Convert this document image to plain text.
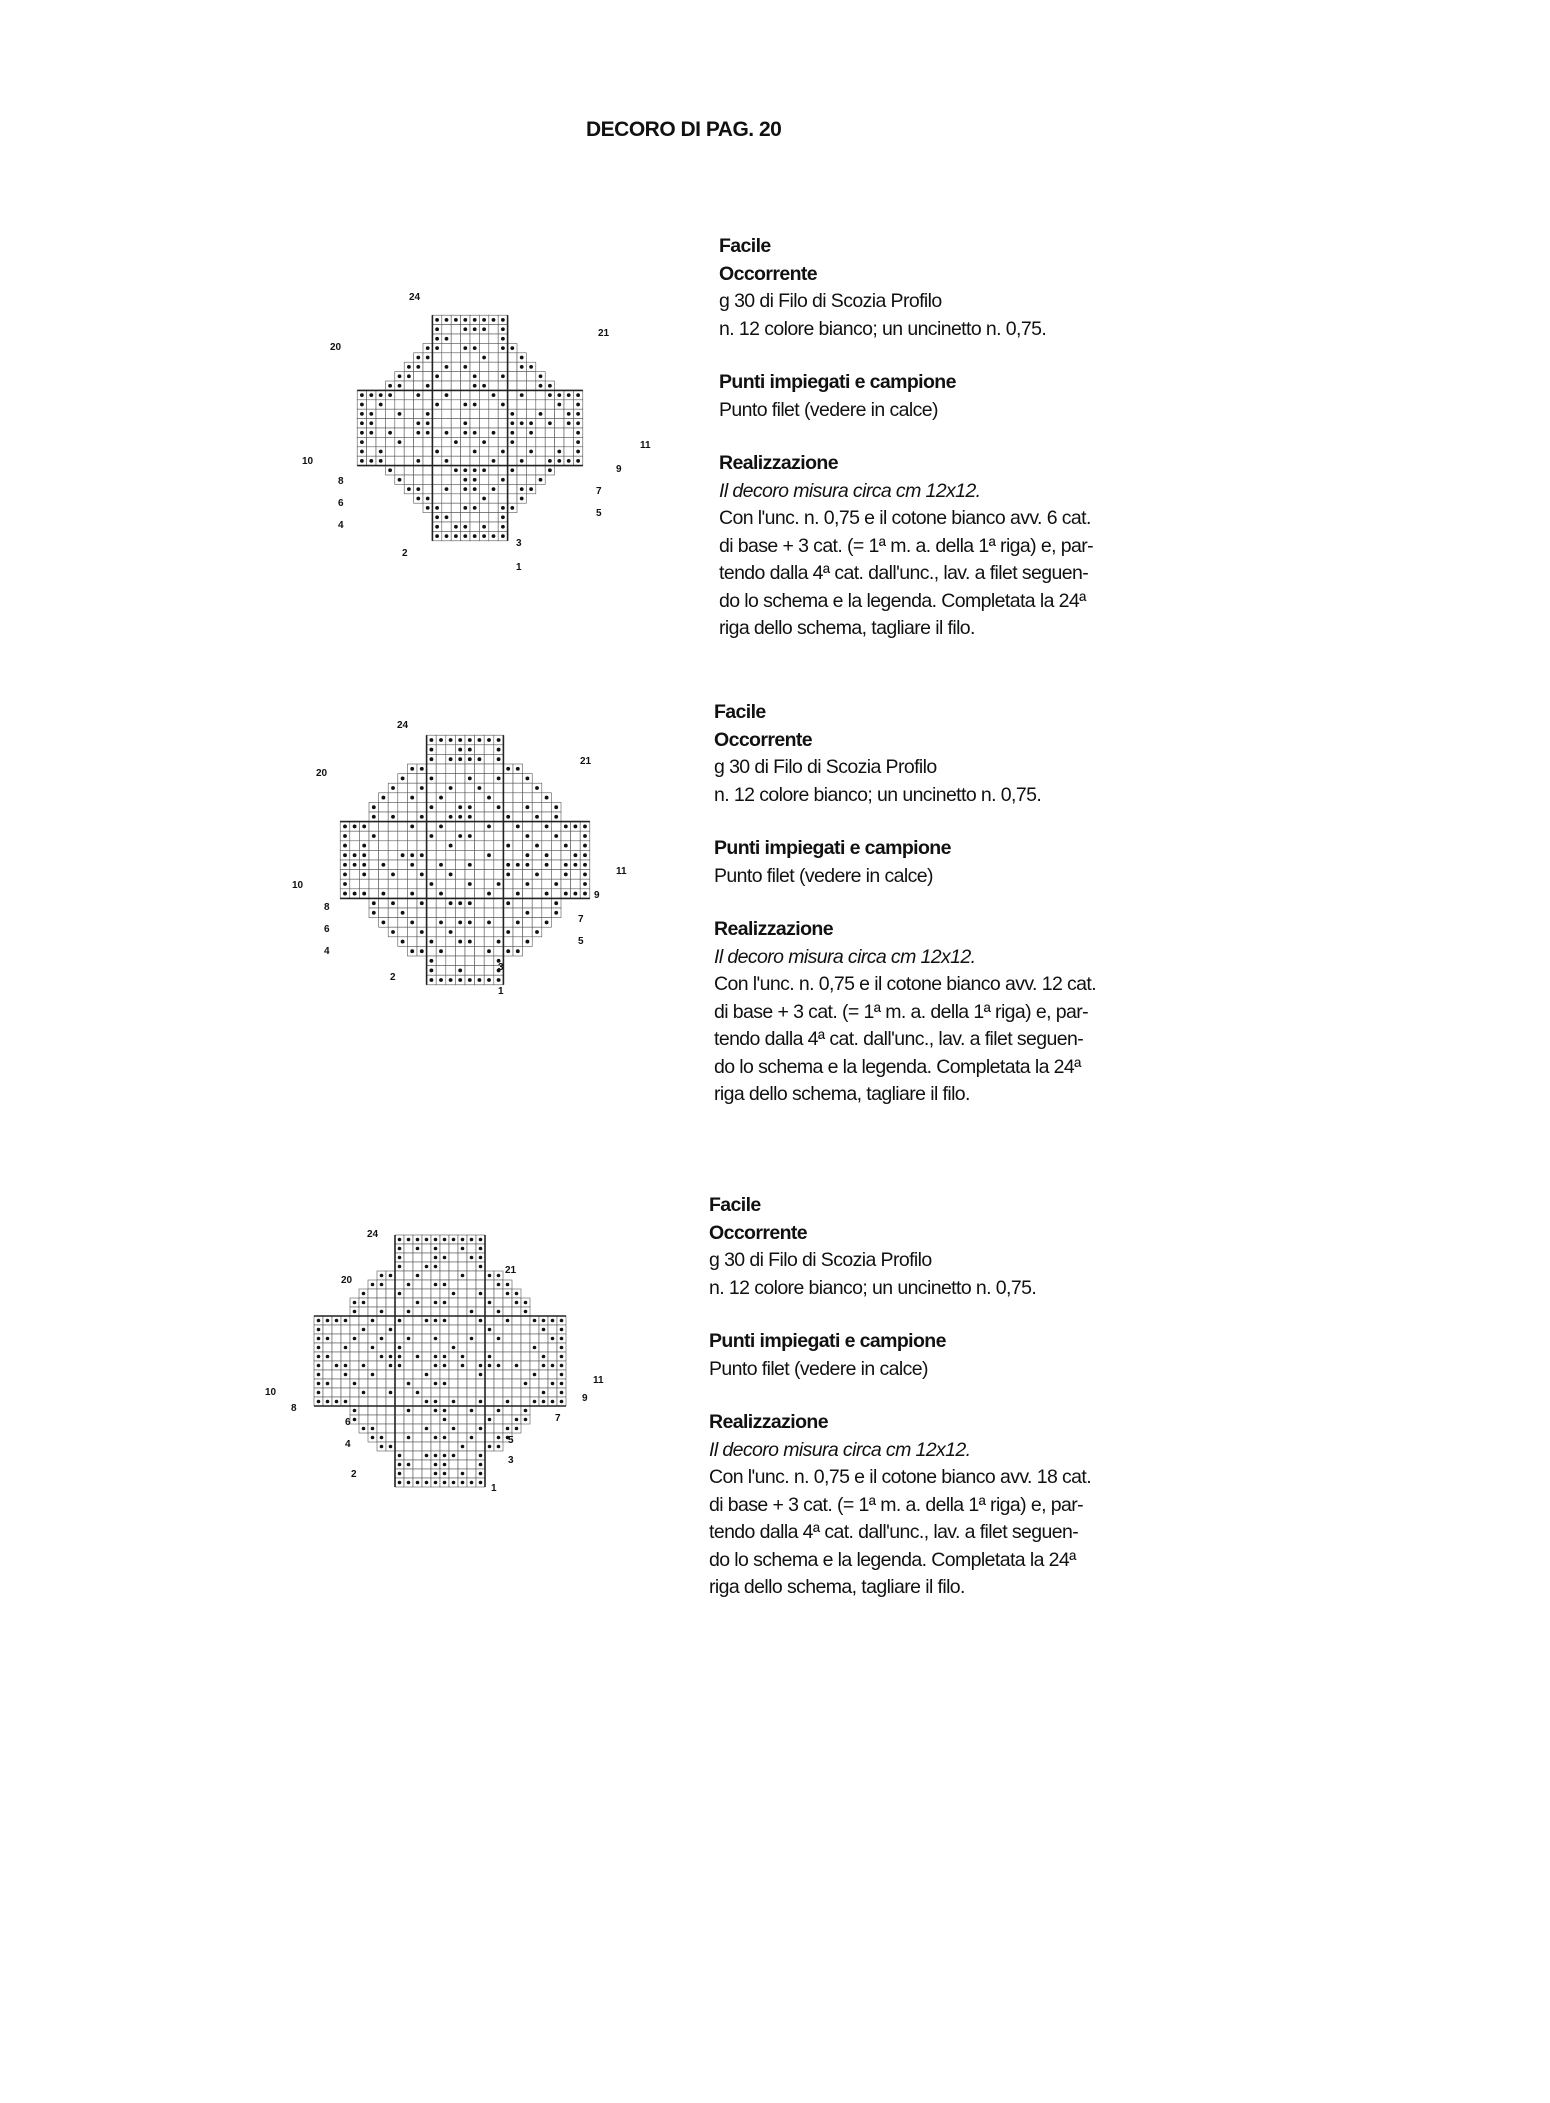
DECORO DI PAG. 20
24
21
20
11
10
9
8
7
6
5
4
3
2
1

Facile

Occorrente

g 30 di Filo di Scozia Profilo

n. 12 colore bianco; un uncinetto n. 0,75.

Punti impiegati e campione

Punto filet (vedere in calce)

Realizzazione

Il decoro misura circa cm 12x12.

Con l'unc. n. 0,75 e il cotone bianco avv. 6 cat.

di base + 3 cat. (= 1ª m. a. della 1ª riga) e, par-

tendo dalla 4ª cat. dall'unc., lav. a filet seguen-

do lo schema e la legenda. Completata la 24ª

riga dello schema, tagliare il filo.

24
21
20
11
10
9
8
7
6
5
4
3
2
1

Facile

Occorrente

g 30 di Filo di Scozia Profilo

n. 12 colore bianco; un uncinetto n. 0,75.

Punti impiegati e campione

Punto filet (vedere in calce)

Realizzazione

Il decoro misura circa cm 12x12.

Con l'unc. n. 0,75 e il cotone bianco avv. 12 cat.

di base + 3 cat. (= 1ª m. a. della 1ª riga) e, par-

tendo dalla 4ª cat. dall'unc., lav. a filet seguen-

do lo schema e la legenda. Completata la 24ª

riga dello schema, tagliare il filo.

24
21
20
11
10
9
8
7
6
5
4
3
2
1

Facile

Occorrente

g 30 di Filo di Scozia Profilo

n. 12 colore bianco; un uncinetto n. 0,75.

Punti impiegati e campione

Punto filet (vedere in calce)

Realizzazione

Il decoro misura circa cm 12x12.

Con l'unc. n. 0,75 e il cotone bianco avv. 18 cat.

di base + 3 cat. (= 1ª m. a. della 1ª riga) e, par-

tendo dalla 4ª cat. dall'unc., lav. a filet seguen-

do lo schema e la legenda. Completata la 24ª

riga dello schema, tagliare il filo.
